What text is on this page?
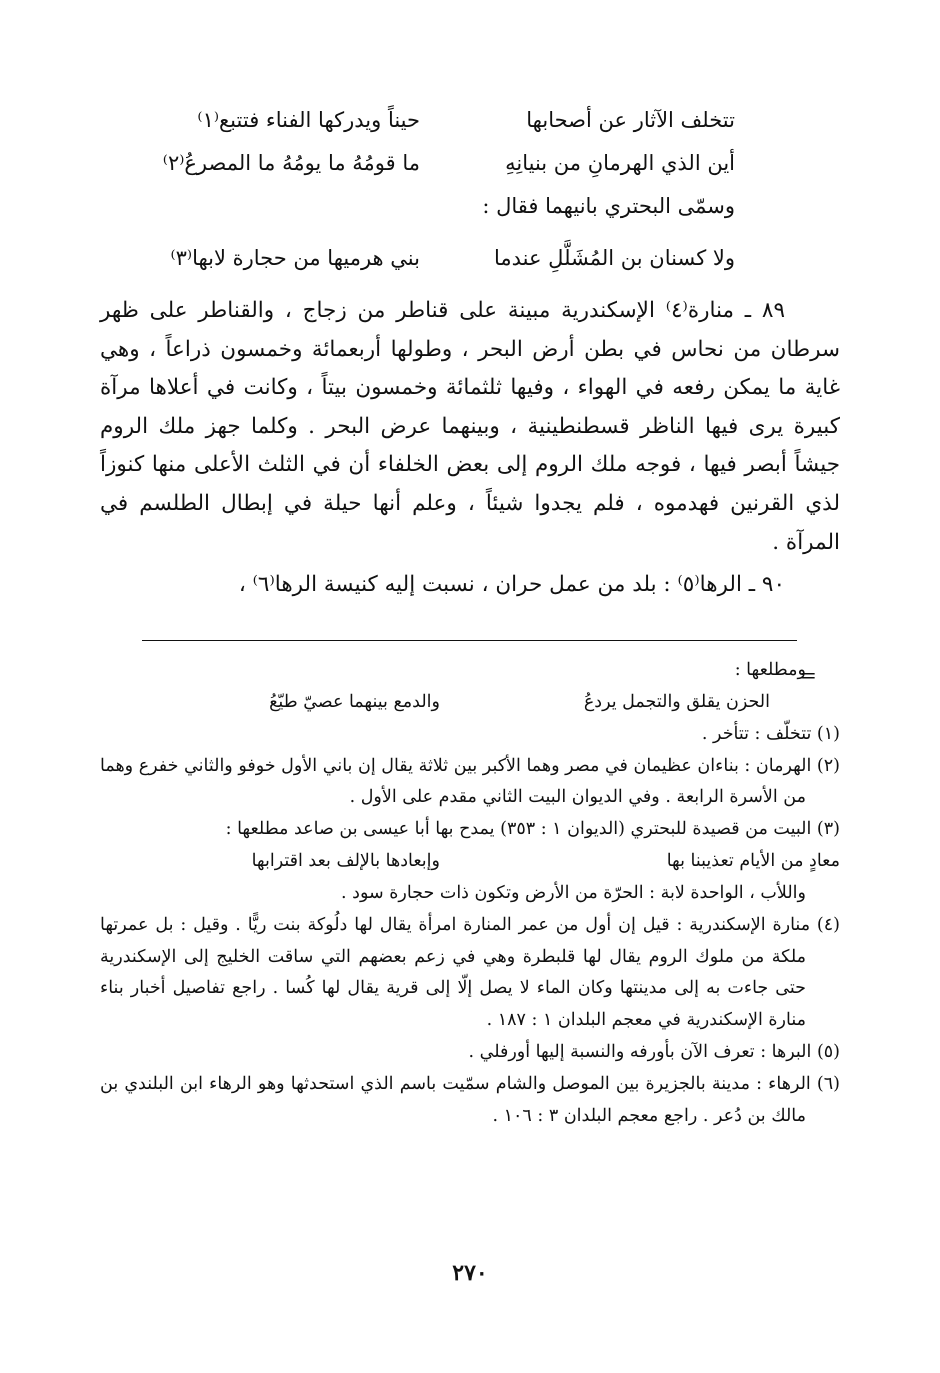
تتخلف الآثار عن أصحابها
حيناً ويدركها الفناء فتتبع⁽١⁾
أين الذي الهرمانِ من بنيانِهِ
ما قومُهُ ما يومُهُ ما المصرعُ⁽٢⁾
وسمّى البحتري بانيهما فقال :
ولا كسنان بن المُشَلَّلِ عندما
بني هرميها من حجارة لابها⁽٣⁾

٨٩ ـ منارة⁽٤⁾ الإسكندرية مبينة على قناطر من زجاج ، والقناطر على ظهر سرطان من نحاس في بطن أرض البحر ، وطولها أربعمائة وخمسون ذراعاً ، وهي غاية ما يمكن رفعه في الهواء ، وفيها ثلثمائة وخمسون بيتاً ، وكانت في أعلاها مرآة كبيرة يرى فيها الناظر قسطنطينية ، وبينهما عرض البحر . وكلما جهز ملك الروم جيشاً أبصر فيها ، فوجه ملك الروم إلى بعض الخلفاء أن في الثلث الأعلى منها كنوزاً لذي القرنين فهدموه ، فلم يجدوا شيئاً ، وعلم أنها حيلة في إبطال الطلسم في المرآة .

٩٠ ـ الرها⁽٥⁾ : بلد من عمل حران ، نسبت إليه كنيسة الرها⁽٦⁾ ،

=

ومطلعها :

الحزن يقلق والتجمل يردعُ
والدمع بينهما عصيّ طيّعُ

(١) تتخلّف : تتأخر .

(٢) الهرمان : بناءان عظيمان في مصر وهما الأكبر بين ثلاثة يقال إن باني الأول خوفو والثاني خفرع وهما من الأسرة الرابعة . وفي الديوان البيت الثاني مقدم على الأول .

(٣) البيت من قصيدة للبحتري (الديوان ١ : ٣٥٣) يمدح بها أبا عيسى بن صاعد مطلعها :

معادٍ من الأيام تعذيبنا بها
وإبعادها بالإلف بعد اقترابها

واللأب ، الواحدة لابة : الحرّة من الأرض وتكون ذات حجارة سود .

(٤) منارة الإسكندرية : قيل إن أول من عمر المنارة امرأة يقال لها دلُوكة بنت ريًّا . وقيل : بل عمرتها ملكة من ملوك الروم يقال لها قلبطرة وهي في زعم بعضهم التي ساقت الخليج إلى الإسكندرية حتى جاءت به إلى مدينتها وكان الماء لا يصل إلّا إلى قرية يقال لها كُسا . راجع تفاصيل أخبار بناء منارة الإسكندرية في معجم البلدان ١ : ١٨٧ .

(٥) البرها : تعرف الآن بأورفه والنسبة إليها أورفلي .

(٦) الرهاء : مدينة بالجزيرة بين الموصل والشام سمّيت باسم الذي استحدثها وهو الرهاء ابن البلندي بن مالك بن دُعر . راجع معجم البلدان ٣ : ١٠٦ .

٢٧٠
